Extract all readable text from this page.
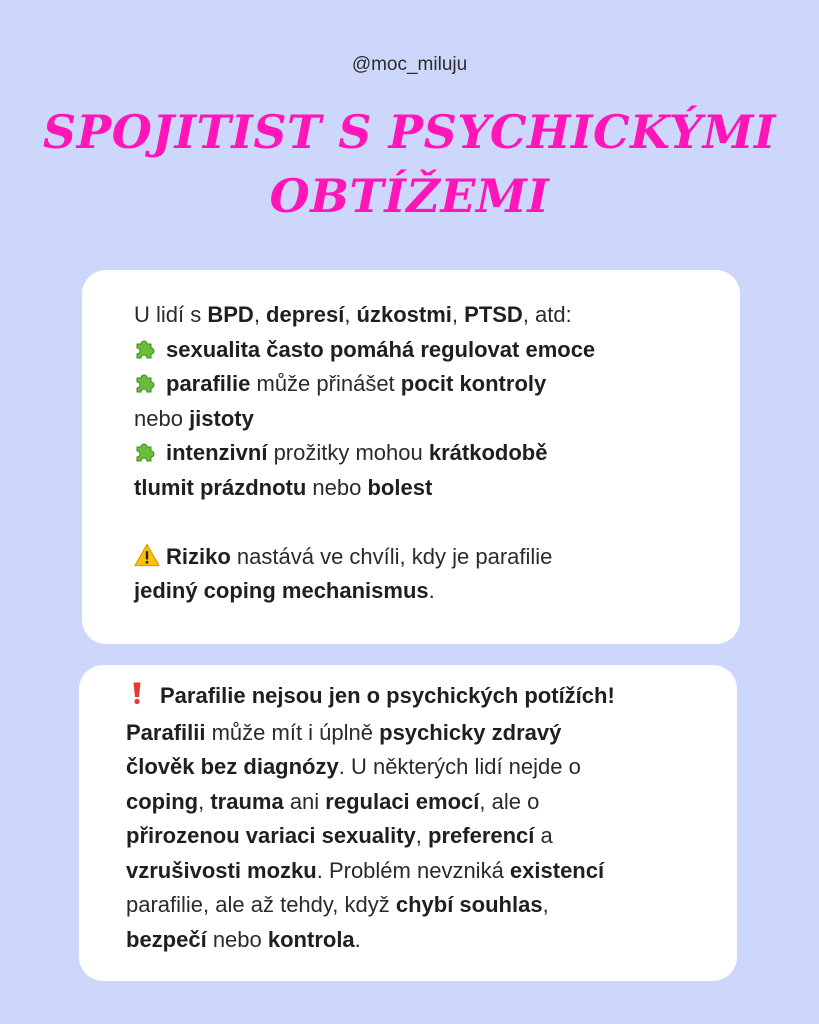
@moc_miluju
SPOJITIST S PSYCHICKÝMI
OBTÍŽEMI
U lidí s BPD, depresí, úzkostmi, PTSD, atd:
sexualita často pomáhá regulovat emoce
parafilie může přinášet pocit kontroly
nebo jistoty
intenzivní prožitky mohou krátkodobě
tlumit prázdnotu nebo bolest
Riziko nastává ve chvíli, kdy je parafilie
jediný coping mechanismus.
Parafilie nejsou jen o psychických potížích!
Parafilii může mít i úplně psychicky zdravý
člověk bez diagnózy. U některých lidí nejde o
coping, trauma ani regulaci emocí, ale o
přirozenou variaci sexuality, preferencí a
vzrušivosti mozku. Problém nevzniká existencí
parafilie, ale až tehdy, když chybí souhlas,
bezpečí nebo kontrola.
